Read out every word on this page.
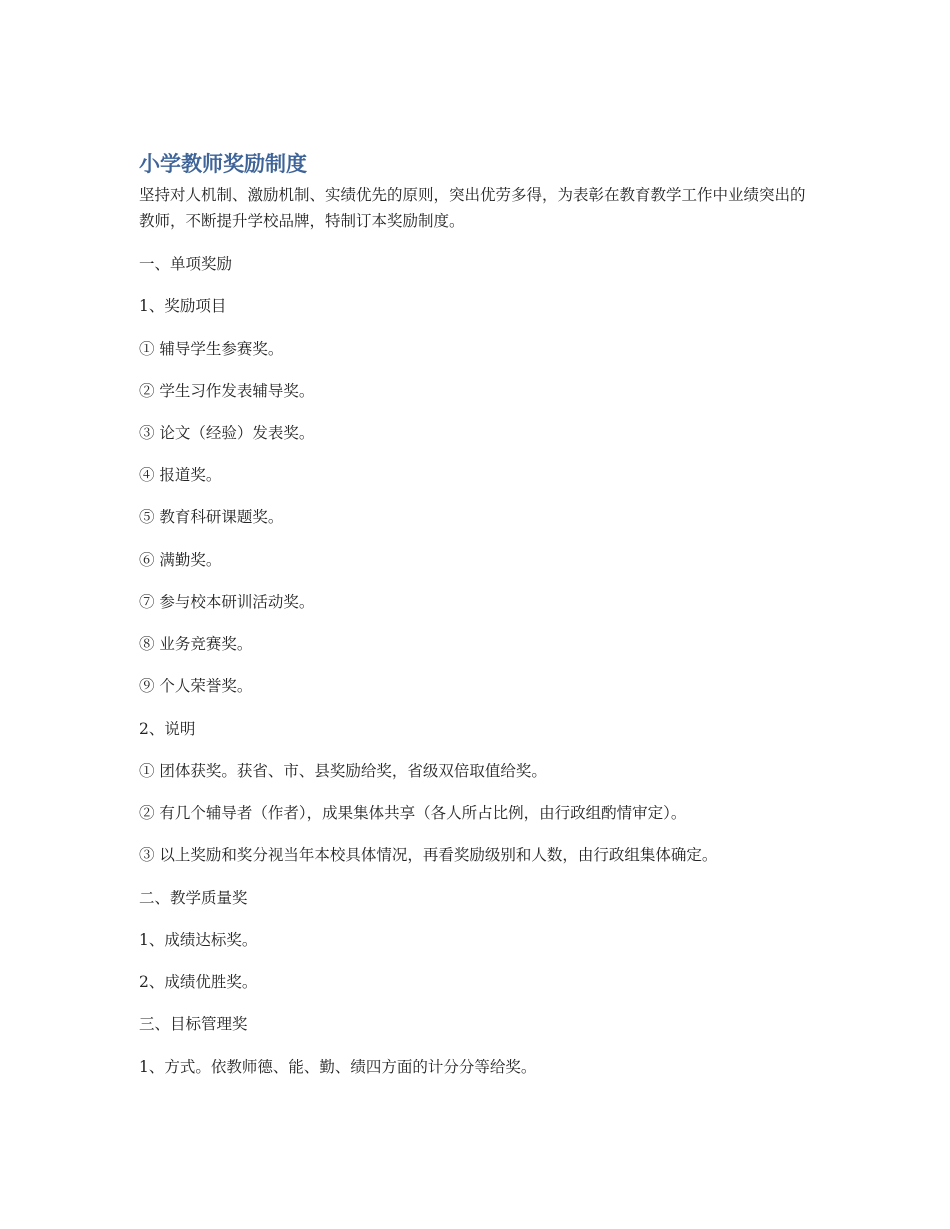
小学教师奖励制度

坚持对人机制、激励机制、实绩优先的原则，突出优劳多得，为表彰在教育教学工作中业绩突出的教师，不断提升学校品牌，特制订本奖励制度。

一、单项奖励

1、奖励项目

① 辅导学生参赛奖。

② 学生习作发表辅导奖。

③ 论文（经验）发表奖。

④ 报道奖。

⑤ 教育科研课题奖。

⑥ 满勤奖。

⑦ 参与校本研训活动奖。

⑧ 业务竞赛奖。

⑨ 个人荣誉奖。

2、说明

① 团体获奖。获省、市、县奖励给奖，省级双倍取值给奖。

② 有几个辅导者（作者），成果集体共享（各人所占比例，由行政组酌情审定）。

③ 以上奖励和奖分视当年本校具体情况，再看奖励级别和人数，由行政组集体确定。

二、教学质量奖

1、成绩达标奖。

2、成绩优胜奖。

三、目标管理奖

1、方式。依教师德、能、勤、绩四方面的计分分等给奖。
